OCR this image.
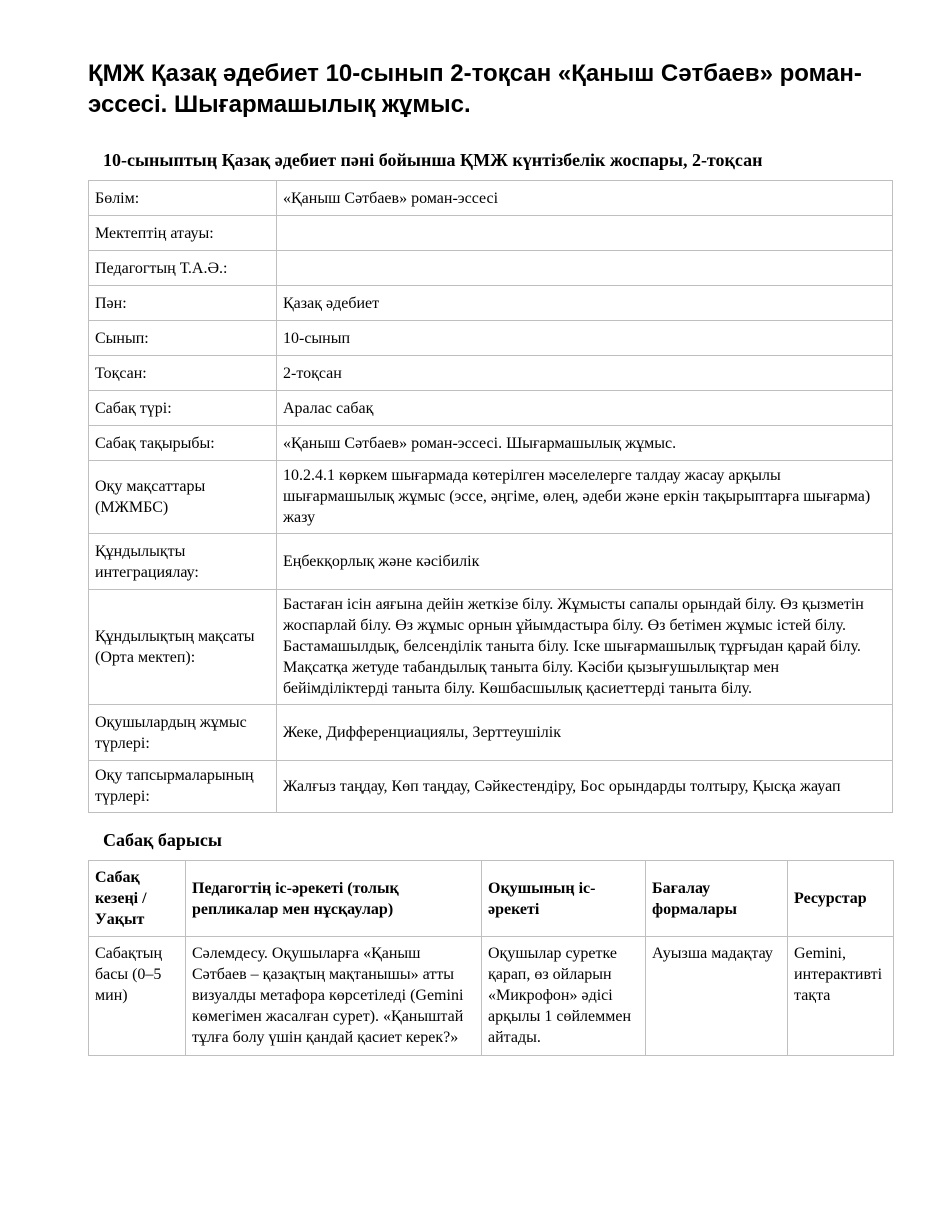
ҚМЖ Қазақ әдебиет 10-сынып 2-тоқсан «Қаныш Сәтбаев» роман-эссесі. Шығармашылық жұмыс.
10-сыныптың Қазақ әдебиет пәні бойынша ҚМЖ күнтізбелік жоспары, 2-тоқсан
Бөлім:	«Қаныш Сәтбаев» роман-эссесі
Мектептің атауы:	
Педагогтың Т.А.Ә.:	
Пән:	Қазақ әдебиет
Сынып:	10-сынып
Тоқсан:	2-тоқсан
Сабақ түрі:	Аралас сабақ
Сабақ тақырыбы:	«Қаныш Сәтбаев» роман-эссесі. Шығармашылық жұмыс.
Оқу мақсаттары (МЖМБС)	10.2.4.1 көркем шығармада көтерілген мәселелерге талдау жасау арқылы шығармашылық жұмыс (эссе, әңгіме, өлең, әдеби және еркін тақырыптарға шығарма) жазу
Құндылықты интеграциялау:	Еңбекқорлық және кәсібилік
Құндылықтың мақсаты (Орта мектеп):	Бастаған ісін аяғына дейін жеткізе білу. Жұмысты сапалы орындай білу. Өз қызметін жоспарлай білу. Өз жұмыс орнын ұйымдастыра білу. Өз бетімен жұмыс істей білу. Бастамашылдық, белсенділік таныта білу. Іске шығармашылық тұрғыдан қарай білу. Мақсатқа жетуде табандылық таныта білу. Кәсіби қызығушылықтар мен бейімділіктерді таныта білу. Көшбасшылық қасиеттерді таныта білу.
Оқушылардың жұмыс түрлері:	Жеке, Дифференциациялы, Зерттеушілік
Оқу тапсырмаларының түрлері:	Жалғыз таңдау, Көп таңдау, Сәйкестендіру, Бос орындарды толтыру, Қысқа жауап
Сабақ барысы
Сабақ кезеңі / Уақыт	Педагогтің іс-әрекеті (толық репликалар мен нұсқаулар)	Оқушының іс-әрекеті	Бағалау формалары	Ресурстар
Сабақтың басы (0–5 мин)	Сәлемдесу. Оқушыларға «Қаныш Сәтбаев – қазақтың мақтанышы» атты визуалды метафора көрсетіледі (Gemini көмегімен жасалған сурет). «Қаныштай тұлға болу үшін қандай қасиет керек?»	Оқушылар суретке қарап, өз ойларын «Микрофон» әдісі арқылы 1 сөйлеммен айтады.	Ауызша мадақтау	Gemini, интерактивті тақта
